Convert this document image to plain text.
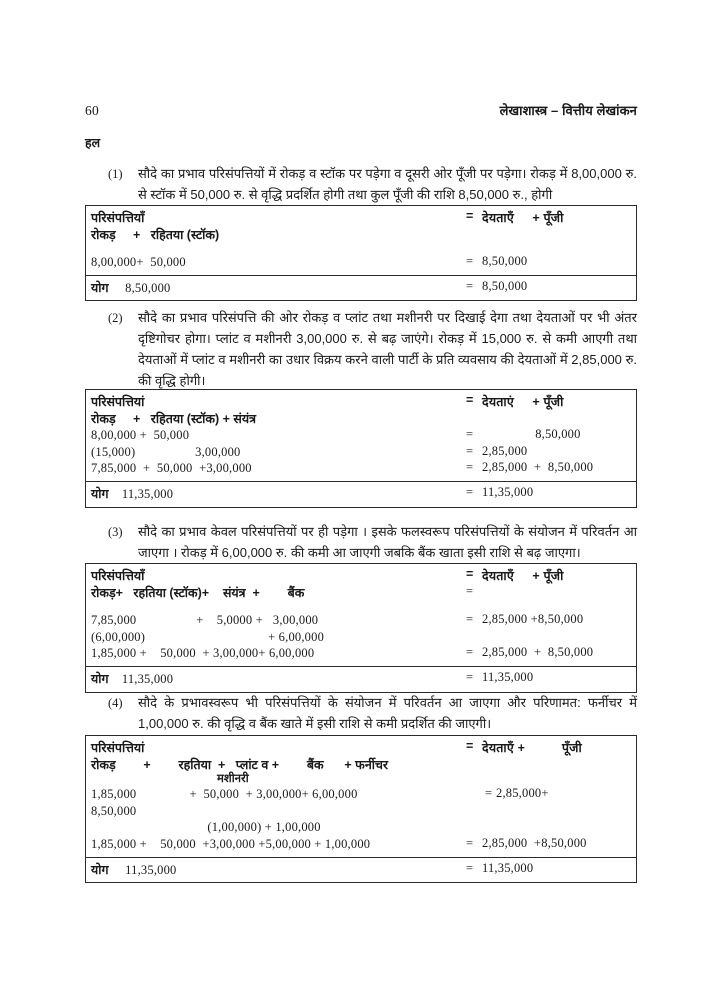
60	लेखाशास्त्र – वित्तीय लेखांकन
हल
(1)	सौदे का प्रभाव परिसंपत्तियों में रोकड़ व स्टॉक पर पड़ेगा व दूसरी ओर पूँजी पर पड़ेगा। रोकड़ में 8,00,000 रु. से स्टॉक में 50,000 रु. से वृद्धि प्रदर्शित होगी तथा कुल पूँजी की राशि 8,50,000 रु., होगी
परिसंपत्तियाँ	= देयताएँ     + पूँजी
रोकड़     +   रहितया (स्टॉक)
8,00,000+  50,000	= 8,50,000
योग 8,50,000	= 8,50,000
(2)	सौदे का प्रभाव परिसंपत्ति की ओर रोकड़ व प्लांट तथा मशीनरी पर दिखाई देगा तथा देयताओं पर भी अंतर दृष्टिगोचर होगा। प्लांट व मशीनरी 3,00,000 रु. से बढ़ जाएंगे। रोकड़ में 15,000 रु. से कमी आएगी तथा देयताओं में प्लांट व मशीनरी का उधार विक्रय करने वाली पार्टी के प्रति व्यवसाय की देयताओं में 2,85,000 रु. की वृद्धि होगी।
परिसंपत्तियां	= देयताएं     + पूँजी
रोकड़     +   रहितया (स्टॉक) + संयंत्र
8,00,000 +  50,000	= 8,50,000
(15,000)                  3,00,000	= 2,85,000
7,85,000  +  50,000  +3,00,000	= 2,85,000  +  8,50,000
योग 11,35,000	= 11,35,000
(3)	सौदे का प्रभाव केवल परिसंपत्तियों पर ही पड़ेगा । इसके फलस्वरूप परिसंपत्तियों के संयोजन में परिवर्तन आ जाएगा । रोकड़ में 6,00,000 रु. की कमी आ जाएगी जबकि बैंक खाता इसी राशि से बढ़ जाएगा।
परिसंपत्तियाँ	= देयताएँ     + पूँजी
रोकड़+   रहतिया (स्टॉक)+    संयंत्र  +        बैंक	=
7,85,000                  +    5,0000 +   3,00,000	= 2,85,000 +8,50,000
(6,00,000)                                     + 6,00,000
1,85,000 +    50,000  + 3,00,000+ 6,00,000	= 2,85,000  +  8,50,000
योग 11,35,000	= 11,35,000
(4)	सौदे के प्रभावस्वरूप भी परिसंपत्तियों के संयोजन में परिवर्तन आ जाएगा और परिणामत: फर्नीचर में 1,00,000 रु. की वृद्धि व बैंक खाते में इसी राशि से कमी प्रदर्शित की जाएगी।
परिसंपत्तियां	= देयताएँ +          पूँजी
रोकड़        +        रहतिया  +   प्लांट व +        बैंक      + फर्नीचर
मशीनरी
1,85,000                +  50,000  + 3,00,000+ 6,00,000	= 2,85,000+
8,50,000
(1,00,000) + 1,00,000
1,85,000 +    50,000  +3,00,000 +5,00,000 + 1,00,000	= 2,85,000  +8,50,000
योग 11,35,000	= 11,35,000
